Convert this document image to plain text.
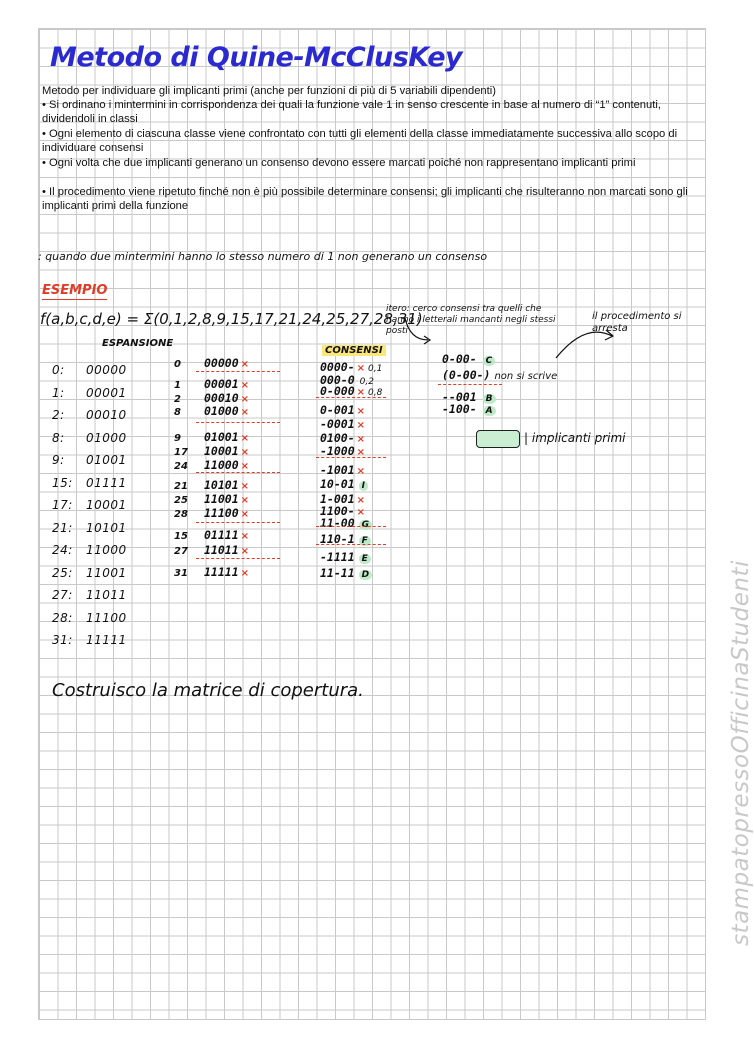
Metodo di Quine-McClusKey
Metodo per individuare gli implicanti primi (anche per funzioni di più di 5 variabili dipendenti)
• Si ordinano i mintermini in corrispondenza dei quali la funzione vale 1 in senso crescente in base al numero di “1” contenuti, dividendoli in classi
• Ogni elemento di ciascuna classe viene confrontato con tutti gli elementi della classe immediatamente successiva allo scopo di individuare consensi
• Ogni volta che due implicanti generano un consenso devono essere marcati poiché non rappresentano implicanti primi
• Il procedimento viene ripetuto finché non è più possibile determinare consensi; gli implicanti che risulteranno non marcati sono gli implicanti primi della funzione
: quando due mintermini hanno lo stesso numero di 1 non generano un consenso
ESEMPIO
f(a,b,c,d,e) = Σ(0,1,2,8,9,15,17,21,24,25,27,28,31)
ESPANSIONE
0: 00000
1: 00001
2: 00010
8: 01000
9: 01001
15: 01111
17: 10001
21: 10101
24: 11000
25: 11001
27: 11011
28: 11100
31: 11111
0 00000 ×
1 00001 ×
2 00010 ×
8 01000 ×
9 01001 ×
17 10001 ×
24 11000 ×
21 10101 ×
25 11001 ×
28 11100 ×
15 01111 ×
27 11011 ×
31 11111 ×
CONSENSI
0000- × 0,1
000-0 0,2
0-000 × 0,8
0-001 ×
-0001 ×
0100- ×
-1000 ×
-1001 ×
10-01 I
1-001 ×
1100- ×
11-00 G
110-1 F
-1111 E
11-11 D
itero: cerco consensi tra quelli che hanno i letterali mancanti negli stessi posti
il procedimento si arresta
0-00- C
(0-00-) non si scrive
--001 B
-100- A
| implicanti primi
Costruisco la matrice di copertura.	stampatopressoOfficinaStudenti
